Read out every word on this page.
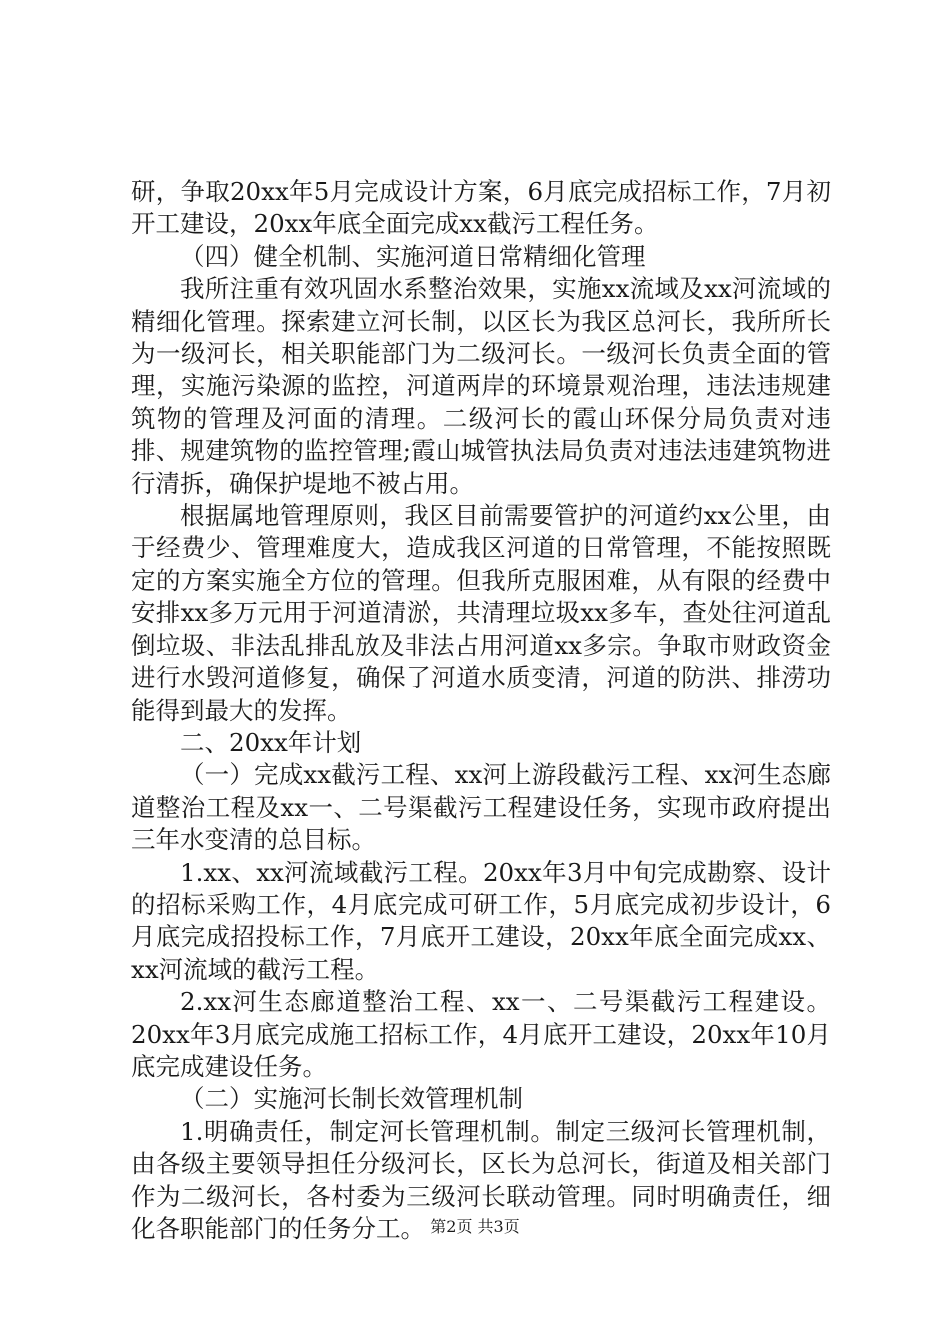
研，争取20xx年5月完成设计方案，6月底完成招标工作，7月初开工建设，20xx年底全面完成xx截污工程任务。

（四）健全机制、实施河道日常精细化管理

我所注重有效巩固水系整治效果，实施xx流域及xx河流域的精细化管理。探索建立河长制，以区长为我区总河长，我所所长为一级河长，相关职能部门为二级河长。一级河长负责全面的管理，实施污染源的监控，河道两岸的环境景观治理，违法违规建筑物的管理及河面的清理。二级河长的霞山环保分局负责对违排、规建筑物的监控管理;霞山城管执法局负责对违法违建筑物进行清拆，确保护堤地不被占用。

根据属地管理原则，我区目前需要管护的河道约xx公里，由于经费少、管理难度大，造成我区河道的日常管理，不能按照既定的方案实施全方位的管理。但我所克服困难，从有限的经费中安排xx多万元用于河道清淤，共清理垃圾xx多车，查处往河道乱倒垃圾、非法乱排乱放及非法占用河道xx多宗。争取市财政资金进行水毁河道修复，确保了河道水质变清，河道的防洪、排涝功能得到最大的发挥。

二、20xx年计划

（一）完成xx截污工程、xx河上游段截污工程、xx河生态廊道整治工程及xx一、二号渠截污工程建设任务，实现市政府提出三年水变清的总目标。

1.xx、xx河流域截污工程。20xx年3月中旬完成勘察、设计的招标采购工作，4月底完成可研工作，5月底完成初步设计，6月底完成招投标工作，7月底开工建设，20xx年底全面完成xx、xx河流域的截污工程。

2.xx河生态廊道整治工程、xx一、二号渠截污工程建设。20xx年3月底完成施工招标工作，4月底开工建设，20xx年10月底完成建设任务。

（二）实施河长制长效管理机制

1.明确责任，制定河长管理机制。制定三级河长管理机制，由各级主要领导担任分级河长，区长为总河长，街道及相关部门作为二级河长，各村委为三级河长联动管理。同时明确责任，细化各职能部门的任务分工。 第2页 共3页
